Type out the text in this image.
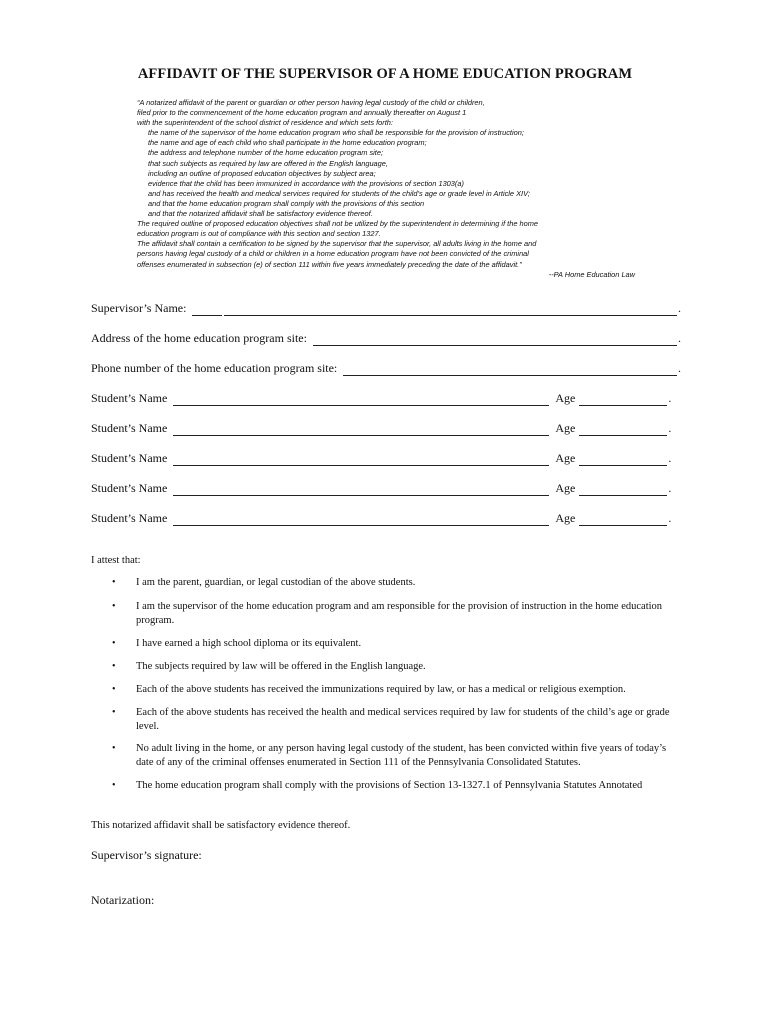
AFFIDAVIT OF THE SUPERVISOR OF A HOME EDUCATION PROGRAM
“A notarized affidavit of the parent or guardian or other person having legal custody of the child or children,
filed prior to the commencement of the home education program and annually thereafter on August 1
with the superintendent of the school district of residence and which sets forth:
the name of the supervisor of the home education program who shall be responsible for the provision of instruction;
the name and age of each child who shall participate in the home education program;
the address and telephone number of the home education program site;
that such subjects as required by law are offered in the English language,
including an outline of proposed education objectives by subject area;
evidence that the child has been immunized in accordance with the provisions of section 1303(a)
and has received the health and medical services required for students of the child’s age or grade level in Article XIV;
and that the home education program shall comply with the provisions of this section
and that the notarized affidavit shall be satisfactory evidence thereof.
The required outline of proposed education objectives shall not be utilized by the superintendent in determining if the home
education program is out of compliance with this section and section 1327.
The affidavit shall contain a certification to be signed by the supervisor that the supervisor, all adults living in the home and
persons having legal custody of a child or children in a home education program have not been convicted of the criminal
offenses enumerated in subsection (e) of section 111 within five years immediately preceding the date of the affidavit.”
--PA Home Education Law
Supervisor’s Name:	.
Address of the home education program site:	.
Phone number of the home education program site:	.
Student’s Name	Age	.
Student’s Name	Age	.
Student’s Name	Age	.
Student’s Name	Age	.
Student’s Name	Age	.
I attest that:
• I am the parent, guardian, or legal custodian of the above students.
• I am the supervisor of the home education program and am responsible for the provision of instruction in the home education program.
• I have earned a high school diploma or its equivalent.
• The subjects required by law will be offered in the English language.
• Each of the above students has received the immunizations required by law, or has a medical or religious exemption.
• Each of the above students has received the health and medical services required by law for students of the child’s age or grade level.
• No adult living in the home, or any person having legal custody of the student, has been convicted within five years of today’s date of any of the criminal offenses enumerated in Section 111 of the Pennsylvania Consolidated Statutes.
• The home education program shall comply with the provisions of Section 13-1327.1 of Pennsylvania Statutes Annotated
This notarized affidavit shall be satisfactory evidence thereof.
Supervisor’s signature:
Notarization:
